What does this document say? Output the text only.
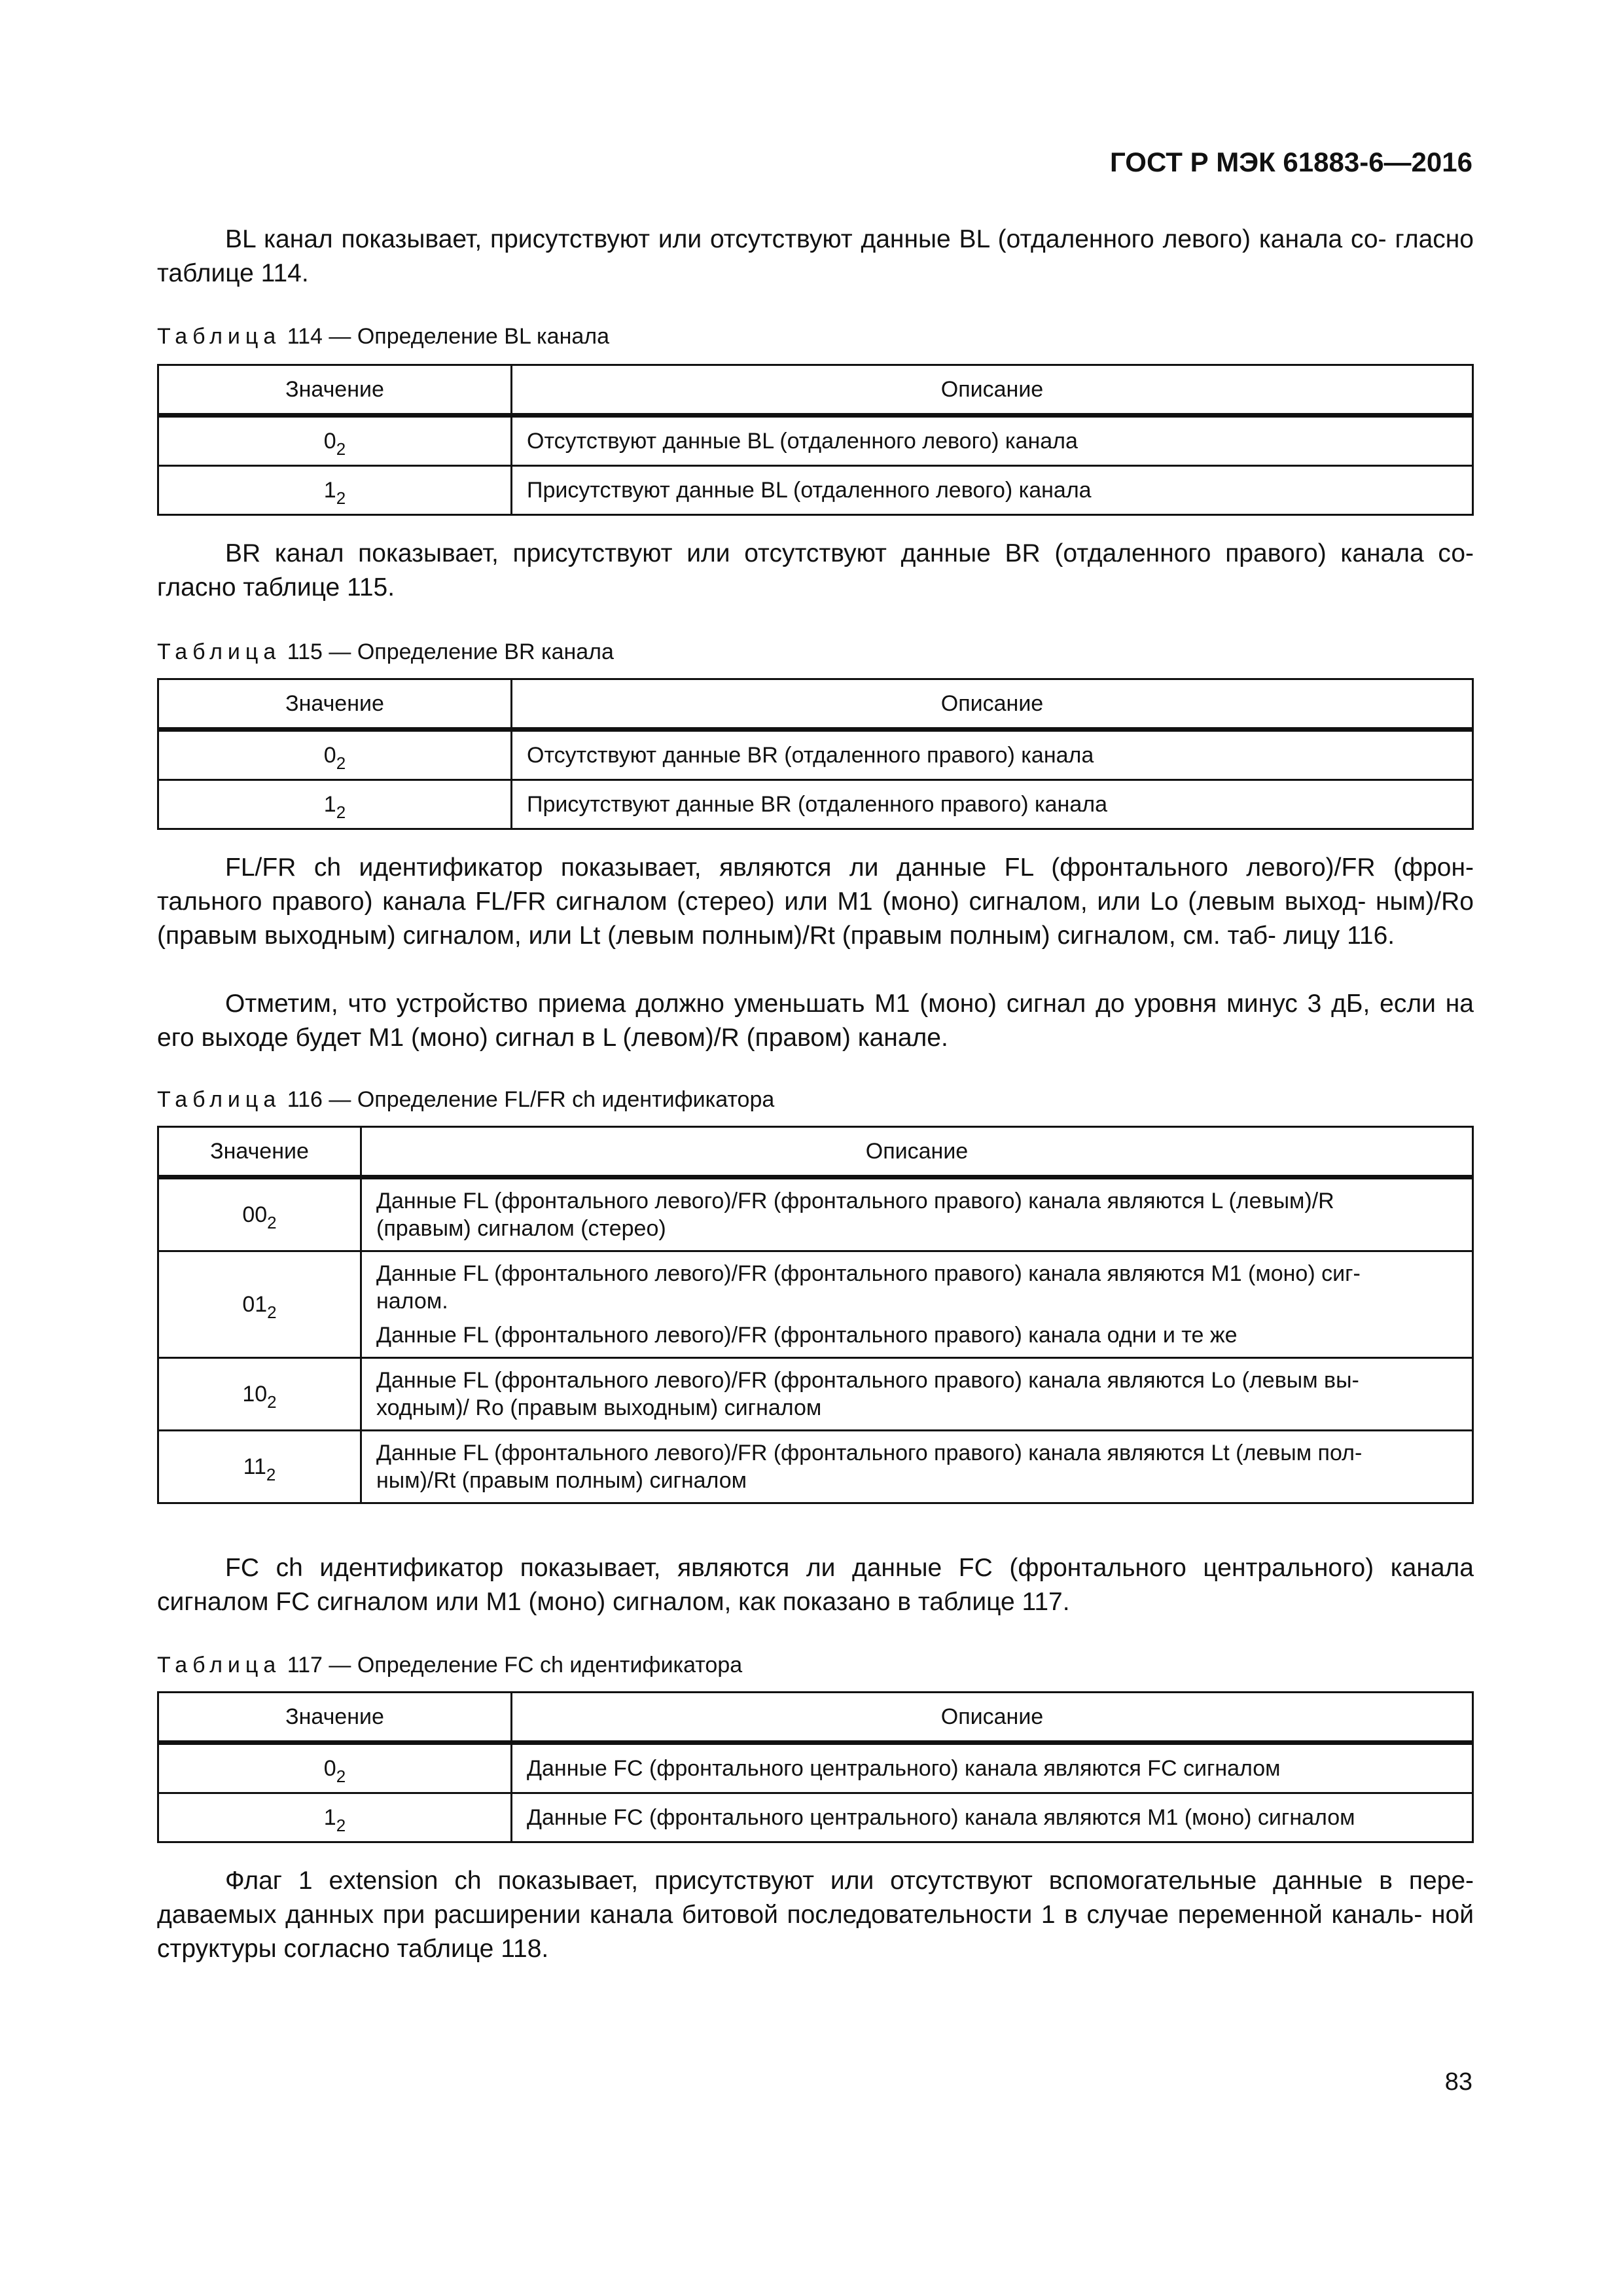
ГОСТ Р МЭК 61883-6—2016

BL канал показывает, присутствуют или отсутствуют данные BL (отдаленного левого) канала со- гласно таблице 114.

Таблица 114 — Определение BL канала

Значение	Описание
$0_2$	Отсутствуют данные BL (отдаленного левого) канала
$1_2$	Присутствуют данные BL (отдаленного левого) канала

BR канал показывает, присутствуют или отсутствуют данные BR (отдаленного правого) канала со- гласно таблице 115.

Таблица 115 — Определение BR канала

Значение	Описание
$0_2$	Отсутствуют данные BR (отдаленного правого) канала
$1_2$	Присутствуют данные BR (отдаленного правого) канала

FL/FR ch идентификатор показывает, являются ли данные FL (фронтального левого)/FR (фрон- тального правого) канала FL/FR сигналом (стерео) или M1 (моно) сигналом, или Lo (левым выход- ным)/Ro (правым выходным) сигналом, или Lt (левым полным)/Rt (правым полным) сигналом, см. таб- лицу 116.

Отметим, что устройство приема должно уменьшать M1 (моно) сигнал до уровня минус 3 дБ, если на его выходе будет M1 (моно) сигнал в L (левом)/R (правом) канале.

Таблица 116 — Определение FL/FR ch идентификатора

Значение	Описание
$00_2$	Данные FL (фронтального левого)/FR (фронтального правого) канала являются L (левым)/R
(правым) сигналом (стерео)

$01_2$	Данные FL (фронтального левого)/FR (фронтального правого) канала являются M1 (моно) сиг-
налом.
Данные FL (фронтального левого)/FR (фронтального правого) канала одни и те же

$10_2$	Данные FL (фронтального левого)/FR (фронтального правого) канала являются Lo (левым вы-
ходным)/ Ro (правым выходным) сигналом

$11_2$	Данные FL (фронтального левого)/FR (фронтального правого) канала являются Lt (левым пол-
ным)/Rt (правым полным) сигналом

FC ch идентификатор показывает, являются ли данные FC (фронтального центрального) канала сигналом FC сигналом или M1 (моно) сигналом, как показано в таблице 117.

Таблица 117 — Определение FC ch идентификатора

Значение	Описание
$0_2$	Данные FC (фронтального центрального) канала являются FC сигналом
$1_2$	Данные FC (фронтального центрального) канала являются M1 (моно) сигналом

Флаг 1 extension ch показывает, присутствуют или отсутствуют вспомогательные данные в пере- даваемых данных при расширении канала битовой последовательности 1 в случае переменной каналь- ной структуры согласно таблице 118.

83
